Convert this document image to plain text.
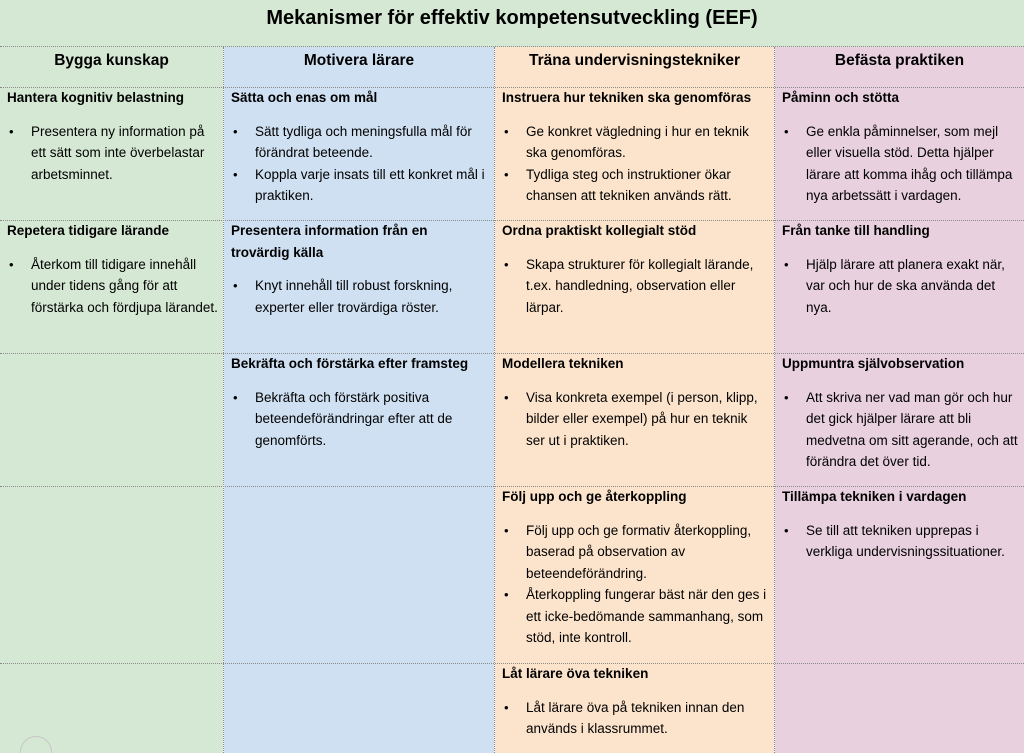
Mekanismer för effektiv kompetensutveckling (EEF)
Bygga kunskap
Hantera kognitiv belastning
• Presentera ny information på ett sätt som inte överbelastar arbetsminnet.
Repetera tidigare lärande
• Återkom till tidigare innehåll under tidens gång för att förstärka och fördjupa lärandet.
Motivera lärare
Sätta och enas om mål
• Sätt tydliga och meningsfulla mål för förändrat beteende.
• Koppla varje insats till ett konkret mål i praktiken.
Presentera information från en trovärdig källa
• Knyt innehåll till robust forskning, experter eller trovärdiga röster.
Bekräfta och förstärka efter framsteg
• Bekräfta och förstärk positiva beteendeförändringar efter att de genomförts.
Träna undervisningstekniker
Instruera hur tekniken ska genomföras
• Ge konkret vägledning i hur en teknik ska genomföras.
• Tydliga steg och instruktioner ökar chansen att tekniken används rätt.
Ordna praktiskt kollegialt stöd
• Skapa strukturer för kollegialt lärande, t.ex. handledning, observation eller lärpar.
Modellera tekniken
• Visa konkreta exempel (i person, klipp, bilder eller exempel) på hur en teknik ser ut i praktiken.
Följ upp och ge återkoppling
• Följ upp och ge formativ återkoppling, baserad på observation av beteendeförändring.
• Återkoppling fungerar bäst när den ges i ett icke-bedömande sammanhang, som stöd, inte kontroll.
Låt lärare öva tekniken
• Låt lärare öva på tekniken innan den används i klassrummet.
Befästa praktiken
Påminn och stötta
• Ge enkla påminnelser, som mejl eller visuella stöd. Detta hjälper lärare att komma ihåg och tillämpa nya arbetssätt i vardagen.
Från tanke till handling
• Hjälp lärare att planera exakt när, var och hur de ska använda det nya.
Uppmuntra självobservation
• Att skriva ner vad man gör och hur det gick hjälper lärare att bli medvetna om sitt agerande, och att förändra det över tid.
Tillämpa tekniken i vardagen
• Se till att tekniken upprepas i verkliga undervisningssituationer.
